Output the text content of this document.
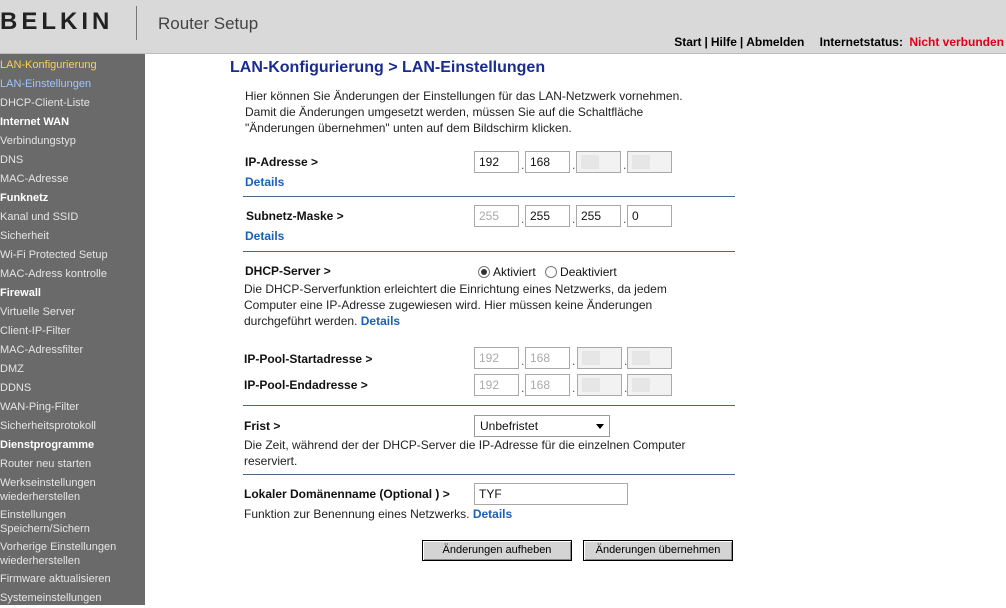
BELKIN	Router Setup
Start | Hilfe | Abmelden Internetstatus: Nicht verbunden
LAN-Konfigurierung
LAN-Einstellungen
DHCP-Client-Liste
Internet WAN
Verbindungstyp
DNS
MAC-Adresse
Funknetz
Kanal und SSID
Sicherheit
Wi-Fi Protected Setup
MAC-Adress kontrolle
Firewall
Virtuelle Server
Client-IP-Filter
MAC-Adressfilter
DMZ
DDNS
WAN-Ping-Filter
Sicherheitsprotokoll
Dienstprogramme
Router neu starten
Werkseinstellungen wiederherstellen
Einstellungen Speichern/Sichern
Vorherige Einstellungen wiederherstellen
Firmware aktualisieren
Systemeinstellungen
LAN-Konfigurierung > LAN-Einstellungen
Hier können Sie Änderungen der Einstellungen für das LAN-Netzwerk vornehmen. Damit die Änderungen umgesetzt werden, müssen Sie auf die Schaltfläche "Änderungen übernehmen" unten auf dem Bildschirm klicken.
IP-Adresse >	192	. 168	.	.
Details
Subnetz-Maske >	255	. 255	. 255	. 0
Details
DHCP-Server >	Aktiviert Deaktiviert
Die DHCP-Serverfunktion erleichtert die Einrichtung eines Netzwerks, da jedem Computer eine IP-Adresse zugewiesen wird. Hier müssen keine Änderungen durchgeführt werden. Details
IP-Pool-Startadresse >	192	. 168	.	.
IP-Pool-Endadresse >	192	. 168	.	.
Frist >	Unbefristet
Die Zeit, während der der DHCP-Server die IP-Adresse für die einzelnen Computer reserviert.
Lokaler Domänenname (Optional ) >	TYF
Funktion zur Benennung eines Netzwerks. Details
Änderungen aufheben	Änderungen übernehmen
